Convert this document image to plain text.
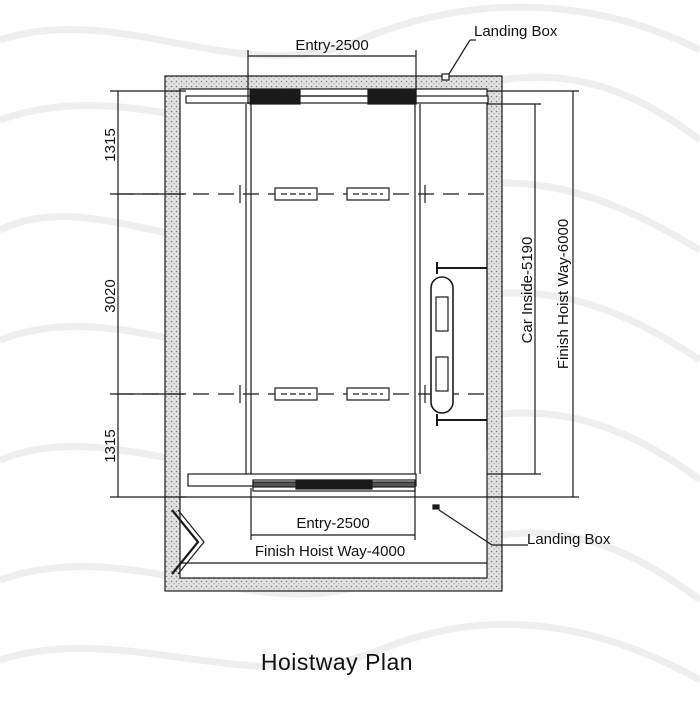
Entry-2500
Landing Box
Entry-2500
Finish Hoist Way-4000
Landing Box
1315
3020
1315
Car Inside-5190 Finish Hoist Way-6000
Hoistway Plan
